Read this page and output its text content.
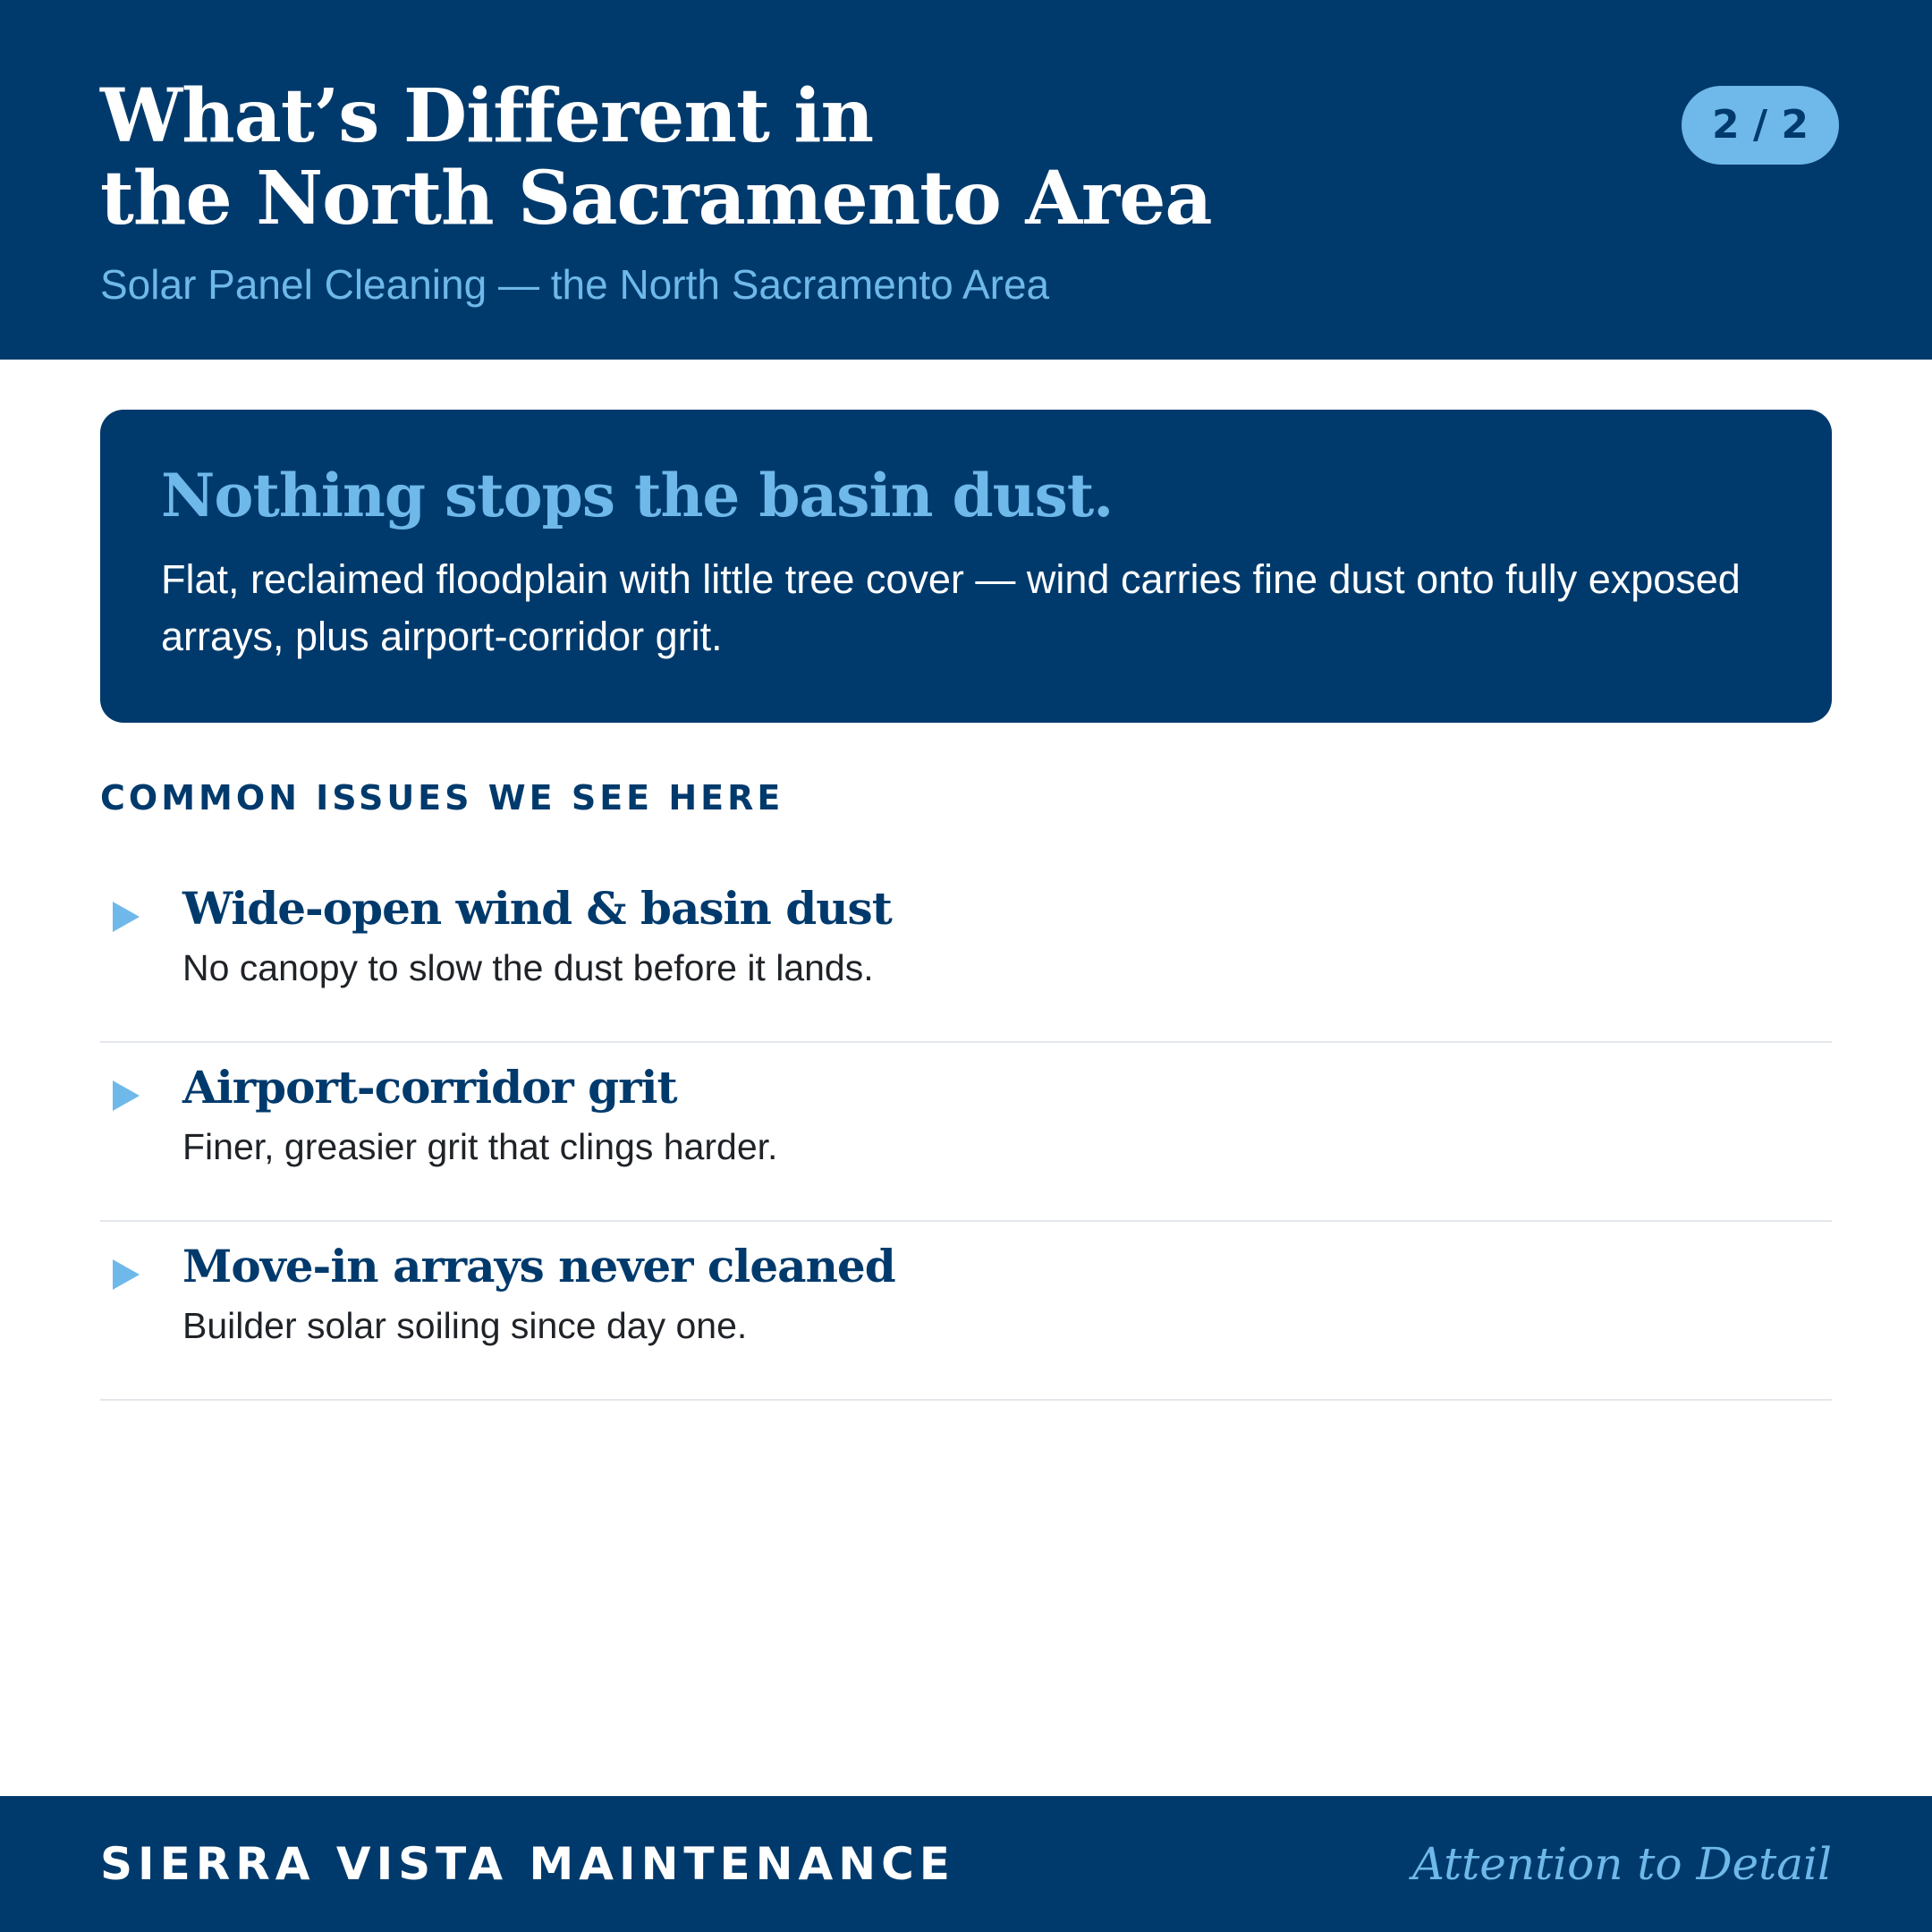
What’s Different in
the North Sacramento Area
Solar Panel Cleaning — the North Sacramento Area
2 / 2
Nothing stops the basin dust.

Flat, reclaimed floodplain with little tree cover — wind carries fine dust onto fully exposed arrays, plus airport-corridor grit.

COMMON ISSUES WE SEE HERE
Wide-open wind & basin dust
No canopy to slow the dust before it lands.
Airport-corridor grit
Finer, greasier grit that clings harder.
Move-in arrays never cleaned
Builder solar soiling since day one.
SIERRA VISTA MAINTENANCE	Attention to Detail
